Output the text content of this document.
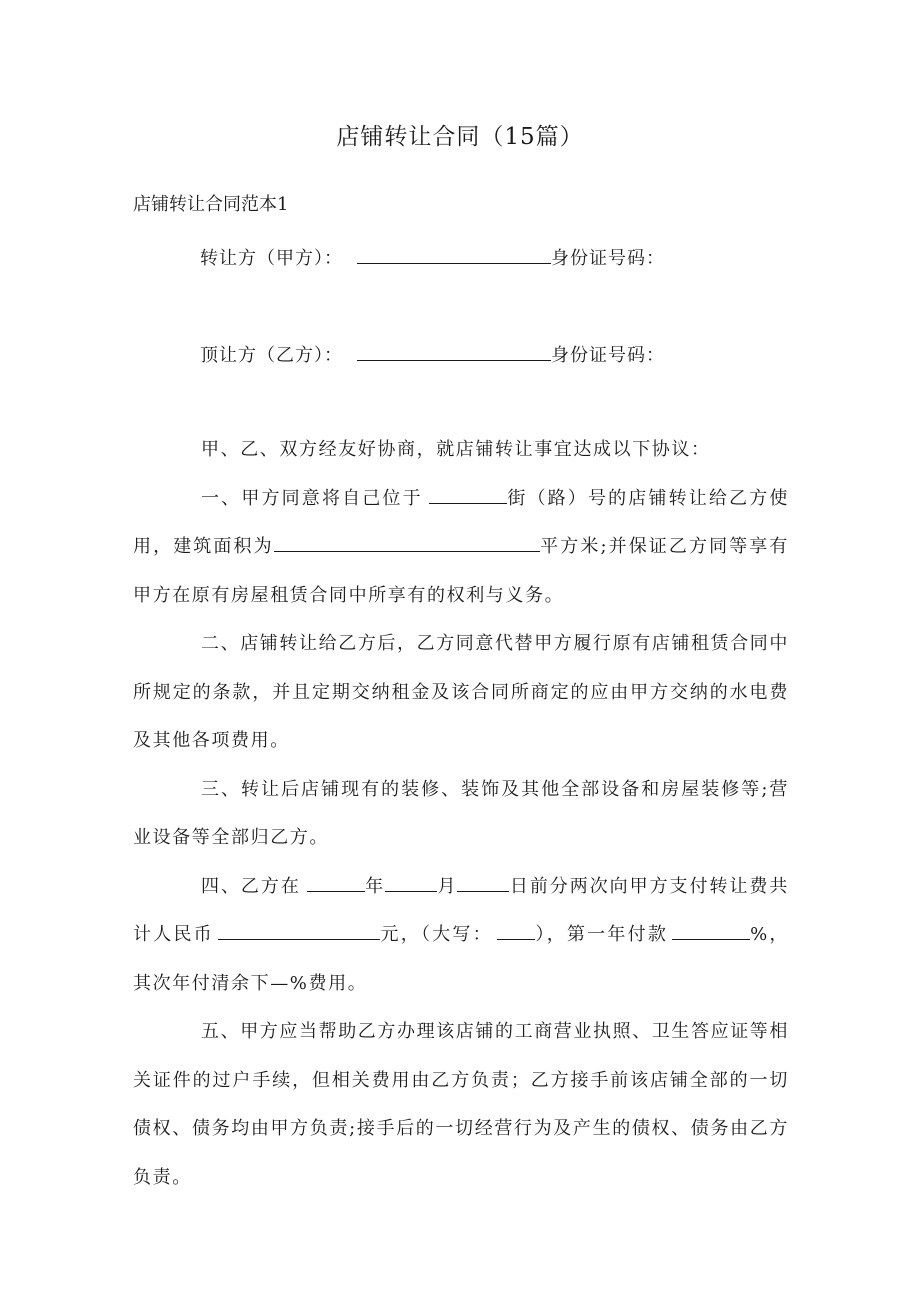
店铺转让合同（15篇）
店铺转让合同范本1
转让方（甲方）：	身份证号码：
顶让方（乙方）：	身份证号码：

甲、乙、双方经友好协商，就店铺转让事宜达成以下协议：

一、甲方同意将自己位于	街（路）号的店铺转让给乙方使用，建筑面积为	平方米;并保证乙方同等享有甲方在原有房屋租赁合同中所享有的权利与义务。

二、店铺转让给乙方后，乙方同意代替甲方履行原有店铺租赁合同中所规定的条款，并且定期交纳租金及该合同所商定的应由甲方交纳的水电费及其他各项费用。

三、转让后店铺现有的装修、装饰及其他全部设备和房屋装修等;营业设备等全部归乙方。

四、乙方在	年	月	日前分两次向甲方支付转让费共计人民币	元，（大写： ），第一年付款	%，其次年付清余下—%费用。

五、甲方应当帮助乙方办理该店铺的工商营业执照、卫生答应证等相关证件的过户手续，但相关费用由乙方负责；乙方接手前该店铺全部的一切债权、债务均由甲方负责;接手后的一切经营行为及产生的债权、债务由乙方负责。
